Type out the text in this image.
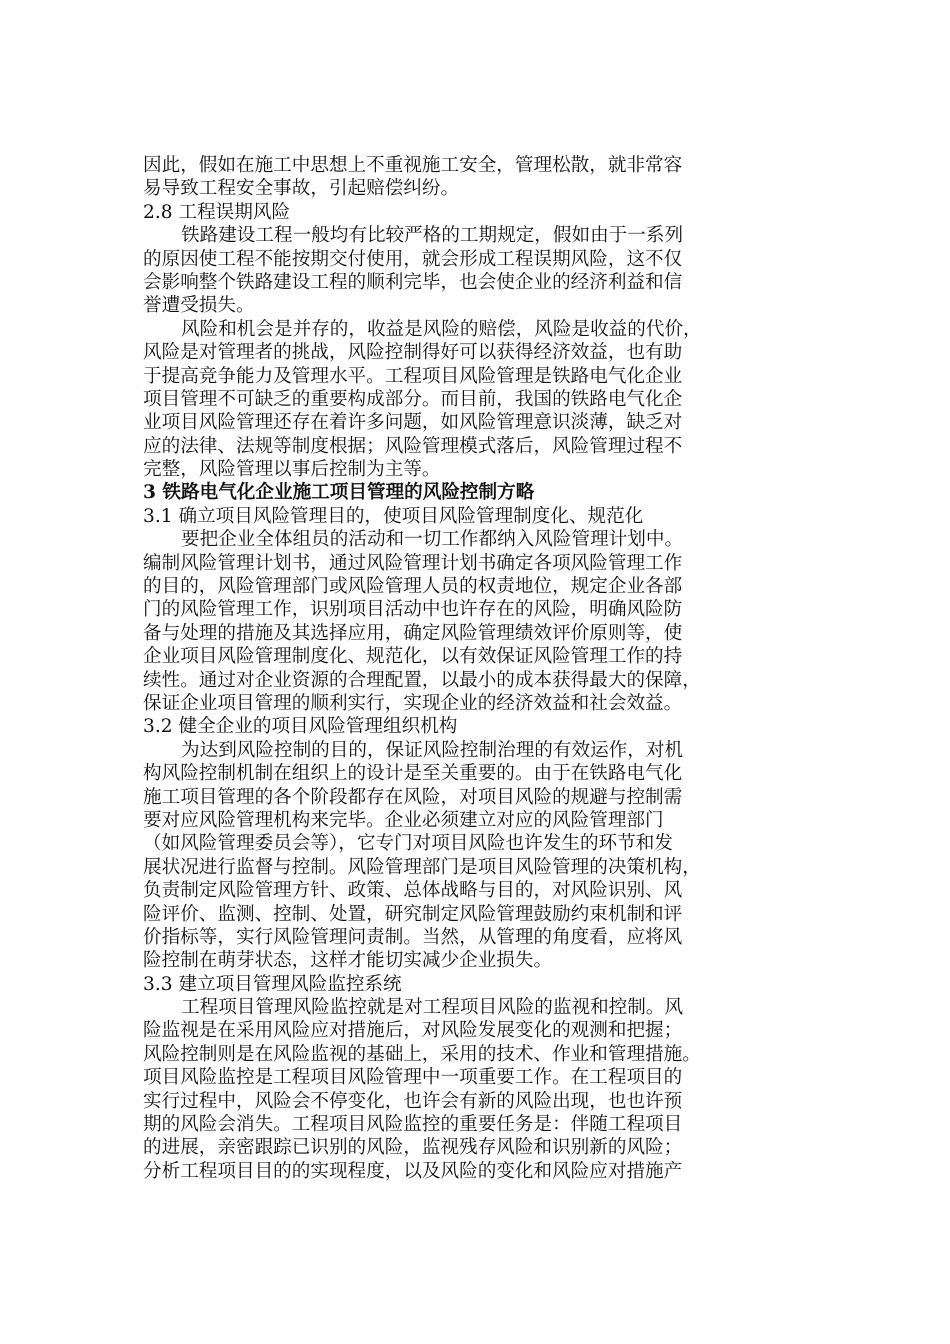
因此，假如在施工中思想上不重视施工安全，管理松散，就非常容
易导致工程安全事故，引起赔偿纠纷。
2.8 工程误期风险
铁路建设工程一般均有比较严格的工期规定，假如由于一系列
的原因使工程不能按期交付使用，就会形成工程误期风险，这不仅
会影响整个铁路建设工程的顺利完毕，也会使企业的经济利益和信
誉遭受损失。
风险和机会是并存的，收益是风险的赔偿，风险是收益的代价，
风险是对管理者的挑战，风险控制得好可以获得经济效益，也有助
于提高竞争能力及管理水平。工程项目风险管理是铁路电气化企业
项目管理不可缺乏的重要构成部分。而目前，我国的铁路电气化企
业项目风险管理还存在着许多问题，如风险管理意识淡薄，缺乏对
应的法律、法规等制度根据；风险管理模式落后，风险管理过程不
完整，风险管理以事后控制为主等。
3 铁路电气化企业施工项目管理的风险控制方略
3.1 确立项目风险管理目的，使项目风险管理制度化、规范化
要把企业全体组员的活动和一切工作都纳入风险管理计划中。
编制风险管理计划书，通过风险管理计划书确定各项风险管理工作
的目的，风险管理部门或风险管理人员的权责地位，规定企业各部
门的风险管理工作，识别项目活动中也许存在的风险，明确风险防
备与处理的措施及其选择应用，确定风险管理绩效评价原则等，使
企业项目风险管理制度化、规范化，以有效保证风险管理工作的持
续性。通过对企业资源的合理配置，以最小的成本获得最大的保障，
保证企业项目管理的顺利实行，实现企业的经济效益和社会效益。
3.2 健全企业的项目风险管理组织机构
为达到风险控制的目的，保证风险控制治理的有效运作，对机
构风险控制机制在组织上的设计是至关重要的。由于在铁路电气化
施工项目管理的各个阶段都存在风险，对项目风险的规避与控制需
要对应风险管理机构来完毕。企业必须建立对应的风险管理部门
（如风险管理委员会等），它专门对项目风险也许发生的环节和发
展状况进行监督与控制。风险管理部门是项目风险管理的决策机构，
负责制定风险管理方针、政策、总体战略与目的，对风险识别、风
险评价、监测、控制、处置，研究制定风险管理鼓励约束机制和评
价指标等，实行风险管理问责制。当然，从管理的角度看，应将风
险控制在萌芽状态，这样才能切实减少企业损失。
3.3 建立项目管理风险监控系统
工程项目管理风险监控就是对工程项目风险的监视和控制。风
险监视是在采用风险应对措施后，对风险发展变化的观测和把握；
风险控制则是在风险监视的基础上，采用的技术、作业和管理措施。
项目风险监控是工程项目风险管理中一项重要工作。在工程项目的
实行过程中，风险会不停变化，也许会有新的风险出现，也也许预
期的风险会消失。工程项目风险监控的重要任务是：伴随工程项目
的进展，亲密跟踪已识别的风险，监视残存风险和识别新的风险；
分析工程项目目的的实现程度，以及风险的变化和风险应对措施产
